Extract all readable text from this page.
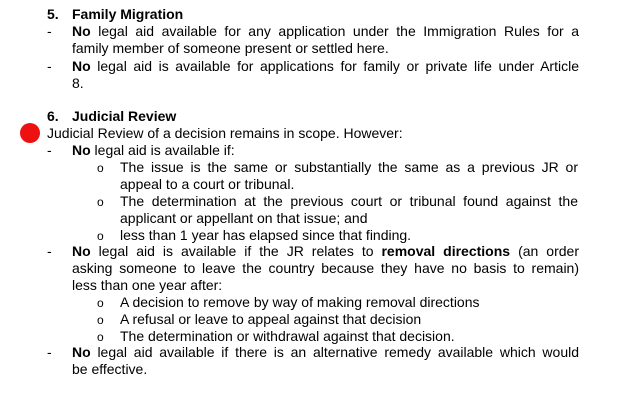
5. Family Migration
- No legal aid available for any application under the Immigration Rules for a
family member of someone present or settled here.
- No legal aid is available for applications for family or private life under Article
8.
6. Judicial Review
Judicial Review of a decision remains in scope. However:
- No legal aid is available if:
o The issue is the same or substantially the same as a previous JR or
appeal to a court or tribunal.
o The determination at the previous court or tribunal found against the
applicant or appellant on that issue; and
o less than 1 year has elapsed since that finding.
- No legal aid is available if the JR relates to removal directions (an order
asking someone to leave the country because they have no basis to remain)
less than one year after:
o A decision to remove by way of making removal directions
o A refusal or leave to appeal against that decision
o The determination or withdrawal against that decision.
- No legal aid available if there is an alternative remedy available which would
be effective.
